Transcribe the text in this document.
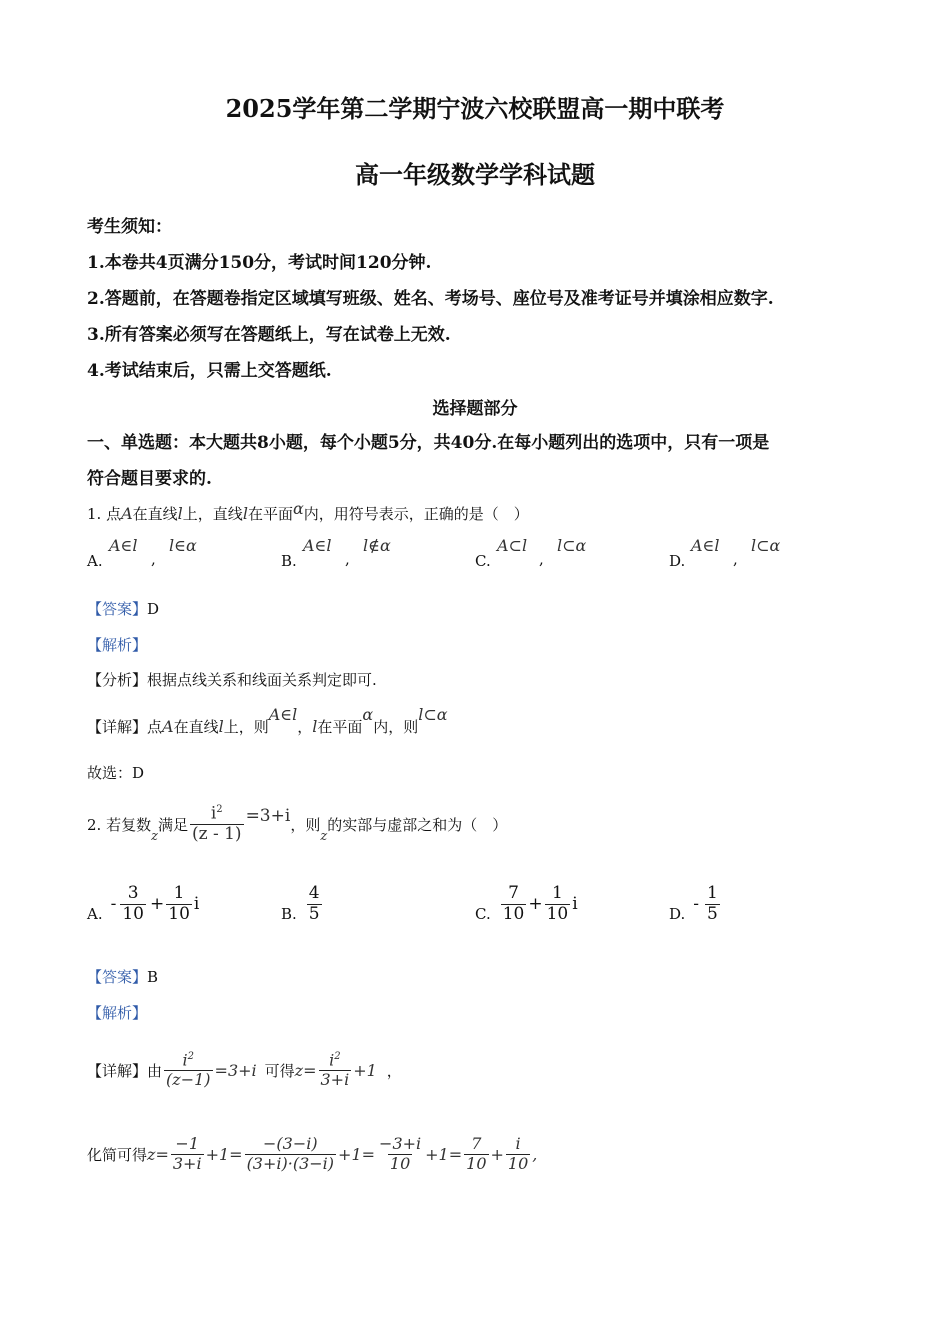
2025学年第二学期宁波六校联盟高一期中联考
高一年级数学学科试题
考生须知：
1.本卷共4页满分150分，考试时间120分钟.
2.答题前，在答题卷指定区域填写班级、姓名、考场号、座位号及准考证号并填涂相应数字.
3.所有答案必须写在答题纸上，写在试卷上无效.
4.考试结束后，只需上交答题纸.
选择题部分
一、单选题：本大题共8小题，每个小题5分，共40分.在每小题列出的选项中，只有一项是
符合题目要求的.
1. 点A在直线l上，直线l在平面α内，用符号表示，正确的是（　）
A.
A∈l
,
l∈α
B.
A∈l
,
l∉α
C.
A⊂l
,
l⊂α
D.
A∈l
,
l⊂α
【答案】D
【解析】
【分析】根据点线关系和线面关系判定即可.
【详解】点A在直线l上，则A∈l，l在平面α内，则l⊂α
故选：D
2. 若复数
z
满足 $\frac{i^2}{(z - 1)} =3+i$ ，则
z
的实部与虚部之和为（　）
A. - $\frac{3}{10} + \frac{1}{10}$ i	B. $\frac{4}{5}$	C. $\frac{7}{10} + \frac{1}{10}$ i	D. - $\frac{1}{5}$
【答案】B
【解析】
【详解】 由 $\frac{i^2}{(z-1)} =3+i$ 可得 $z= \frac{i^2}{3+i} +1$ ，
化简可得 $z= \frac{-1}{3+i} +1= \frac{-(3-i)}{(3+i)\cdot(3-i)} +1= \frac{-3+i}{10} +1= \frac{7}{10} + \frac{i}{10}$ ,
